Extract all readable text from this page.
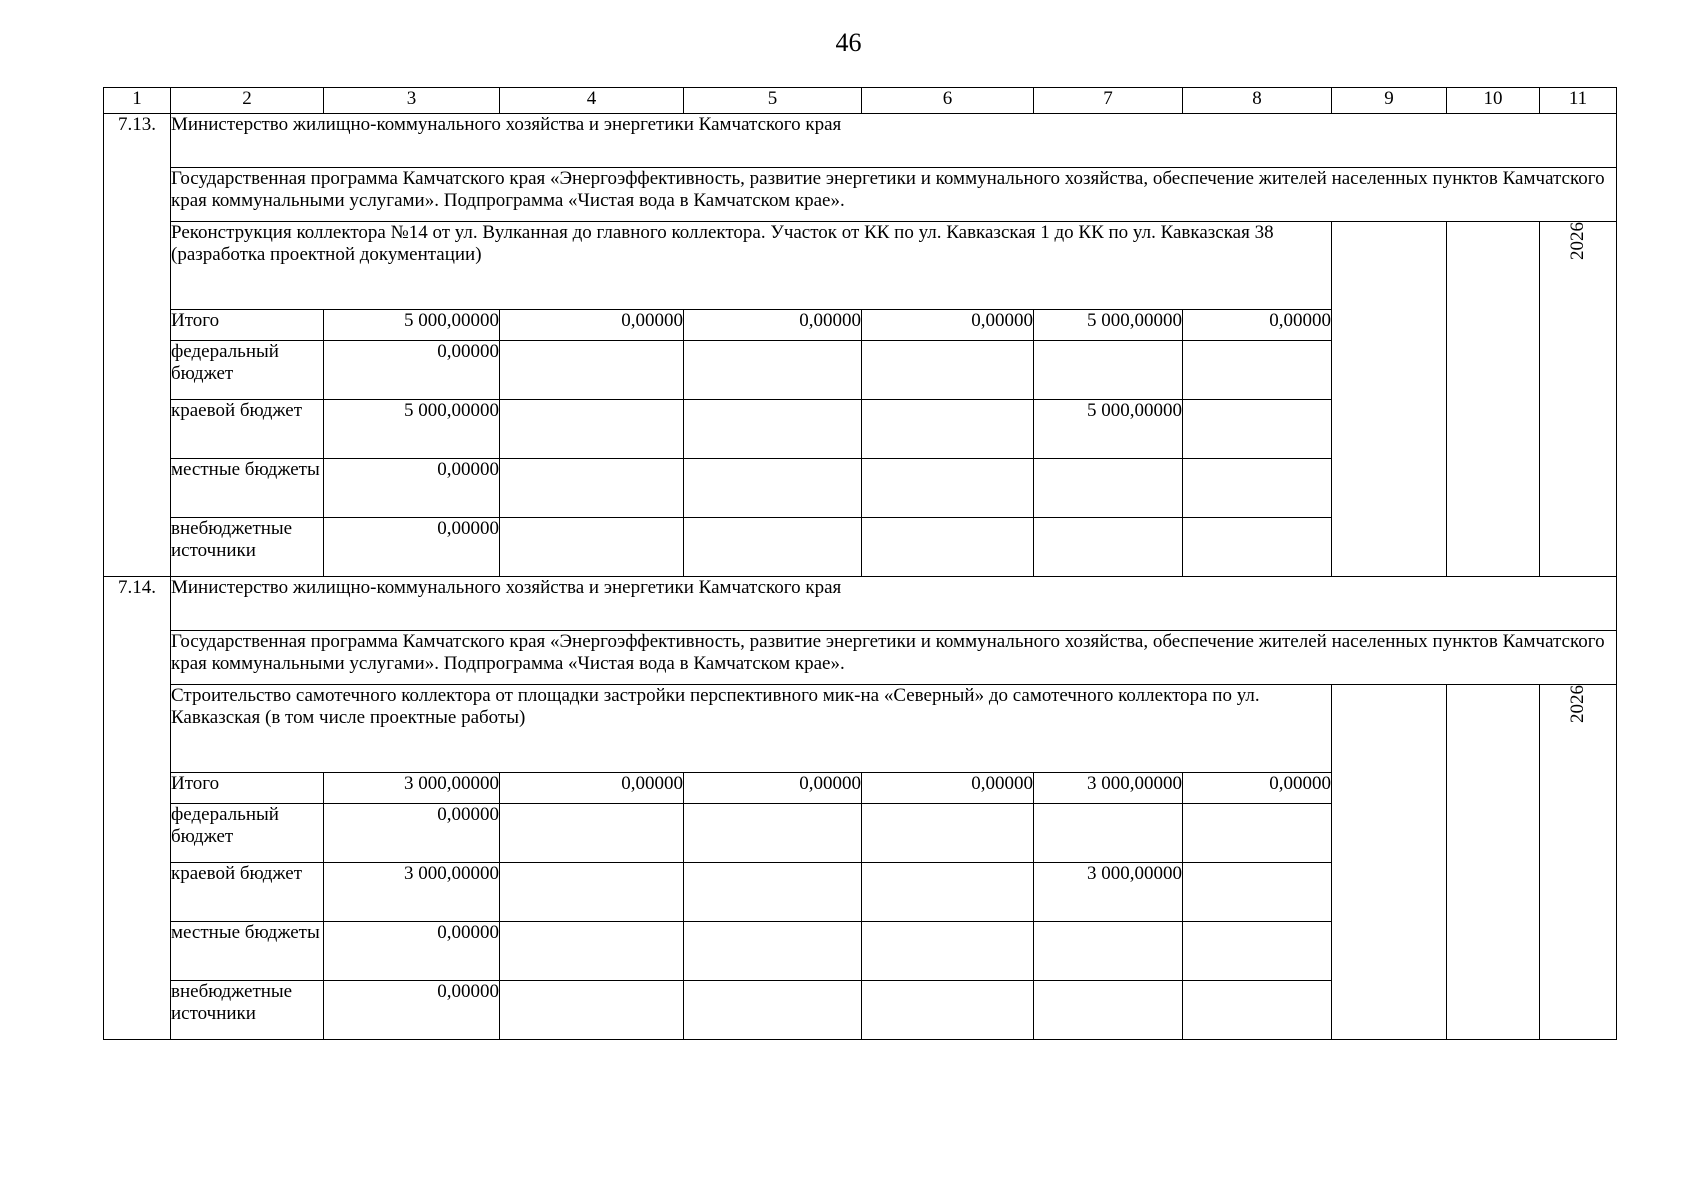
46
1	2	3	4	5	6	7	8	9	10	11
7.13.	Министерство жилищно-коммунального хозяйства и энергетики Камчатского края									
	Государственная программа Камчатского края «Энергоэффективность, развитие энергетики и коммунального хозяйства, обеспечение жителей населенных пунктов Камчатского края коммунальными услугами». Подпрограмма «Чистая вода в Камчатском крае».									
	Реконструкция коллектора №14 от ул. Вулканная до главного коллектора. Участок от КК по ул. Кавказская 1 до КК по ул. Кавказская 38 (разработка проектной документации)									2026
	Итого	5 000,00000	0,00000	0,00000	0,00000	5 000,00000	0,00000			
	федеральный бюджет	0,00000								
	краевой бюджет	5 000,00000				5 000,00000				
	местные бюджеты	0,00000								
	внебюджетные источники	0,00000								
7.14.	Министерство жилищно-коммунального хозяйства и энергетики Камчатского края									
	Государственная программа Камчатского края «Энергоэффективность, развитие энергетики и коммунального хозяйства, обеспечение жителей населенных пунктов Камчатского края коммунальными услугами». Подпрограмма «Чистая вода в Камчатском крае».									
	Строительство самотечного коллектора от площадки застройки перспективного мик-на «Северный» до самотечного коллектора по ул. Кавказская (в том числе проектные работы)									2026
	Итого	3 000,00000	0,00000	0,00000	0,00000	3 000,00000	0,00000			
	федеральный бюджет	0,00000								
	краевой бюджет	3 000,00000				3 000,00000				
	местные бюджеты	0,00000								
	внебюджетные источники	0,00000								
